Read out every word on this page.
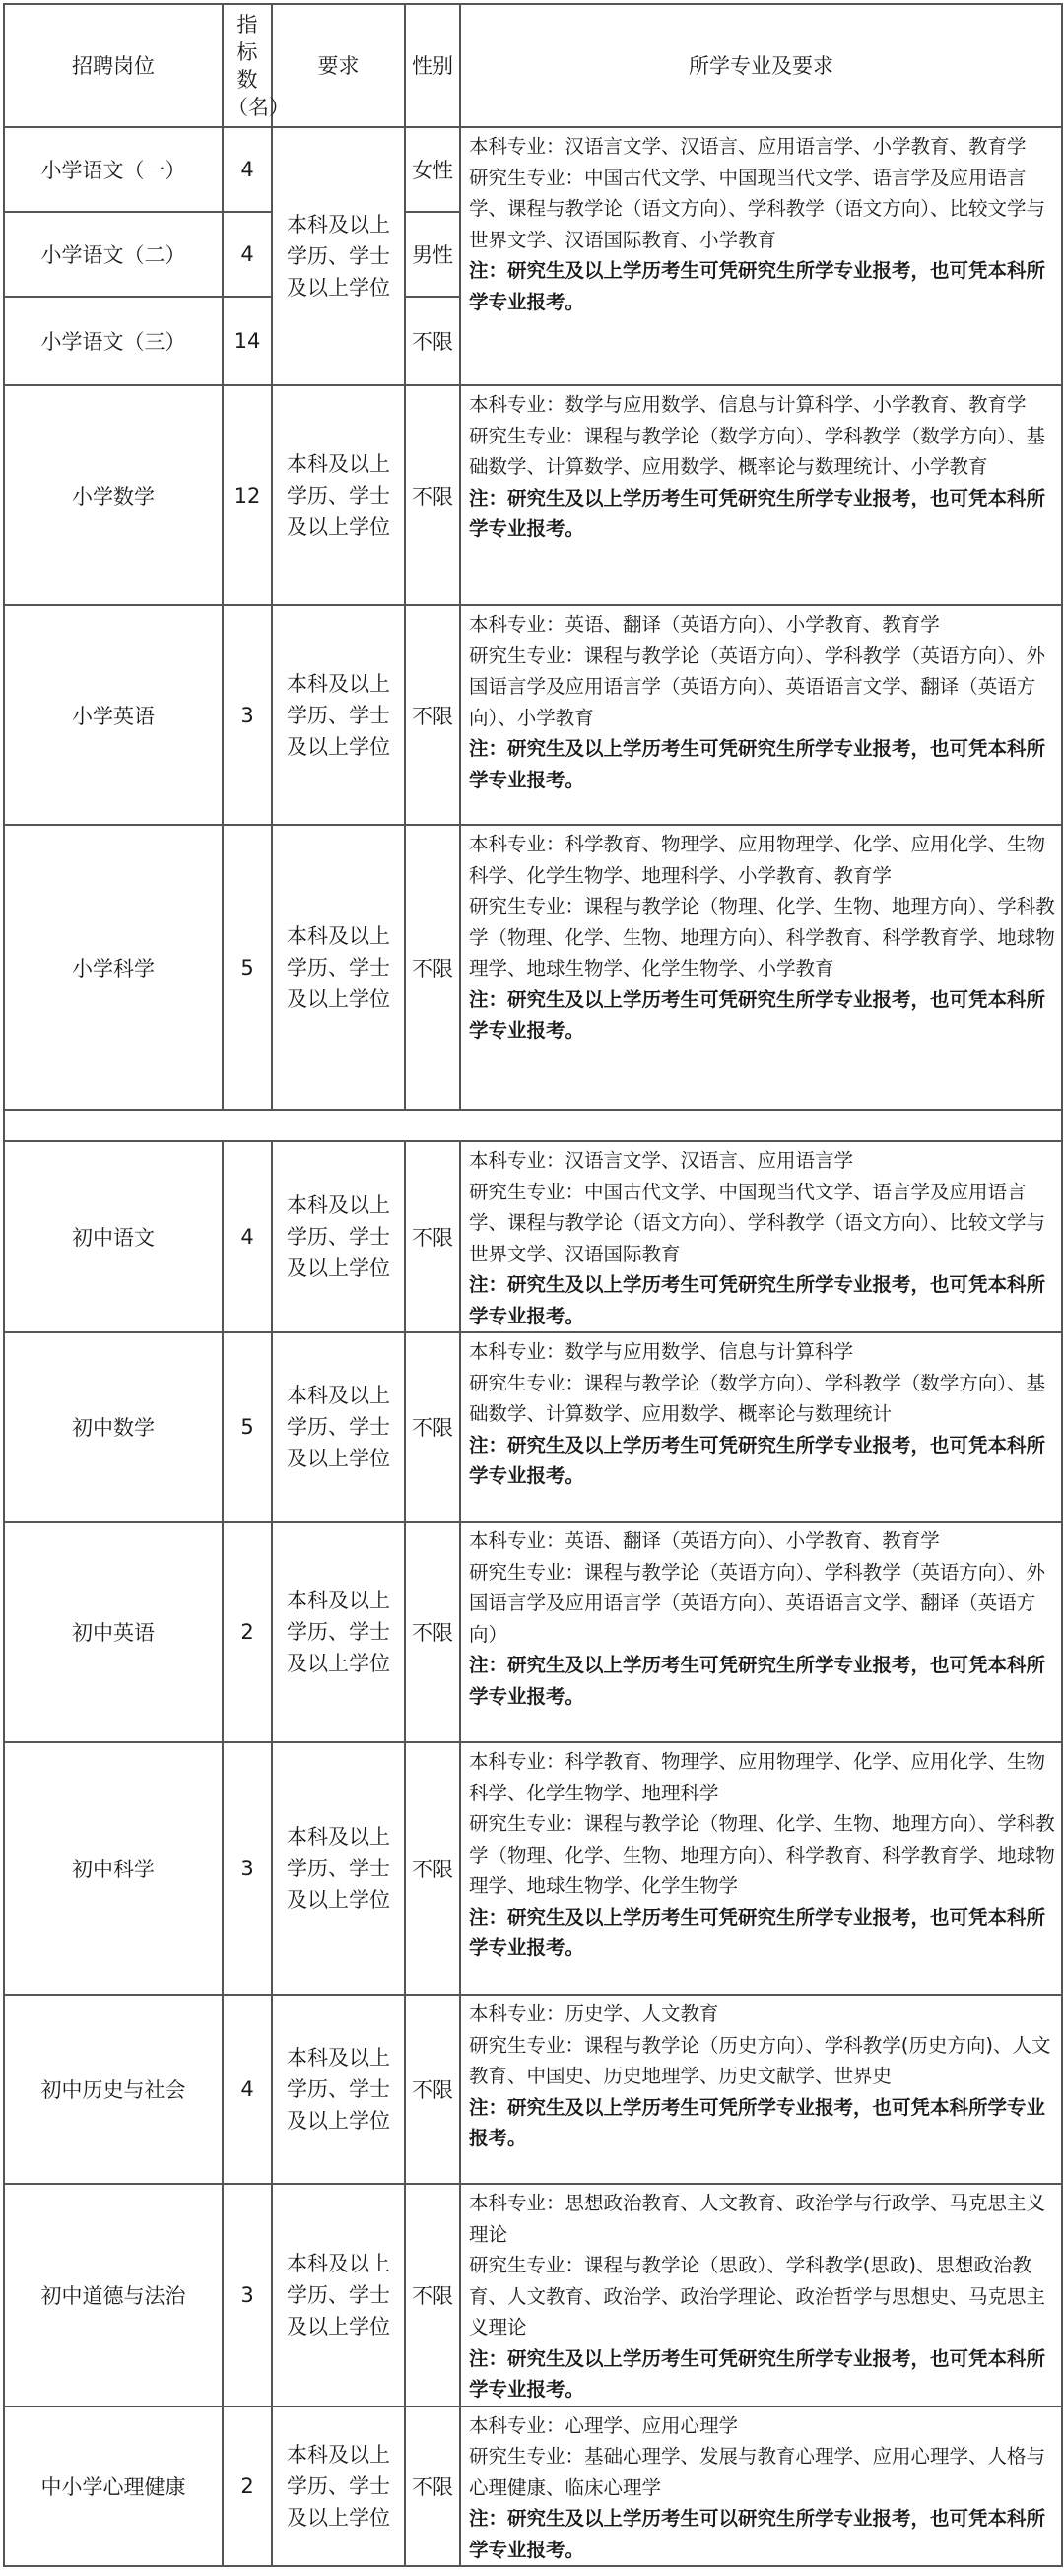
招聘岗位	指标数（名）	要求	性别	所学专业及要求
小学语文（一）	4	本科及以上学历、学士及以上学位	女性	本科专业：汉语言文学、汉语言、应用语言学、小学教育、教育学
研究生专业：中国古代文学、中国现当代文学、语言学及应用语言学、课程与教学论（语文方向）、学科教学（语文方向）、比较文学与世界文学、汉语国际教育、小学教育
注：研究生及以上学历考生可凭研究生所学专业报考，也可凭本科所学专业报考。

小学语文（二）	4		男性	
小学语文（三）	14		不限	
小学数学	12	本科及以上学历、学士及以上学位	不限	本科专业：数学与应用数学、信息与计算科学、小学教育、教育学
研究生专业：课程与教学论（数学方向）、学科教学（数学方向）、基础数学、计算数学、应用数学、概率论与数理统计、小学教育
注：研究生及以上学历考生可凭研究生所学专业报考，也可凭本科所学专业报考。

小学英语	3	本科及以上学历、学士及以上学位	不限	本科专业：英语、翻译（英语方向）、小学教育、教育学
研究生专业：课程与教学论（英语方向）、学科教学（英语方向）、外国语言学及应用语言学（英语方向）、英语语言文学、翻译（英语方向）、小学教育
注：研究生及以上学历考生可凭研究生所学专业报考，也可凭本科所学专业报考。

小学科学	5	本科及以上学历、学士及以上学位	不限	本科专业：科学教育、物理学、应用物理学、化学、应用化学、生物科学、化学生物学、地理科学、小学教育、教育学
研究生专业：课程与教学论（物理、化学、生物、地理方向）、学科教学（物理、化学、生物、地理方向）、科学教育、科学教育学、地球物理学、地球生物学、化学生物学、小学教育
注：研究生及以上学历考生可凭研究生所学专业报考，也可凭本科所学专业报考。

初中语文	4	本科及以上学历、学士及以上学位	不限	本科专业：汉语言文学、汉语言、应用语言学
研究生专业：中国古代文学、中国现当代文学、语言学及应用语言学、课程与教学论（语文方向）、学科教学（语文方向）、比较文学与世界文学、汉语国际教育
注：研究生及以上学历考生可凭研究生所学专业报考，也可凭本科所学专业报考。

初中数学	5	本科及以上学历、学士及以上学位	不限	本科专业：数学与应用数学、信息与计算科学
研究生专业：课程与教学论（数学方向）、学科教学（数学方向）、基础数学、计算数学、应用数学、概率论与数理统计
注：研究生及以上学历考生可凭研究生所学专业报考，也可凭本科所学专业报考。

初中英语	2	本科及以上学历、学士及以上学位	不限	本科专业：英语、翻译（英语方向）、小学教育、教育学
研究生专业：课程与教学论（英语方向）、学科教学（英语方向）、外国语言学及应用语言学（英语方向）、英语语言文学、翻译（英语方向）
注：研究生及以上学历考生可凭研究生所学专业报考，也可凭本科所学专业报考。

初中科学	3	本科及以上学历、学士及以上学位	不限	本科专业：科学教育、物理学、应用物理学、化学、应用化学、生物科学、化学生物学、地理科学
研究生专业：课程与教学论（物理、化学、生物、地理方向）、学科教学（物理、化学、生物、地理方向）、科学教育、科学教育学、地球物理学、地球生物学、化学生物学
注：研究生及以上学历考生可凭研究生所学专业报考，也可凭本科所学专业报考。

初中历史与社会	4	本科及以上学历、学士及以上学位	不限	本科专业：历史学、人文教育
研究生专业：课程与教学论（历史方向）、学科教学(历史方向)、人文教育、中国史、历史地理学、历史文献学、世界史
注：研究生及以上学历考生可凭所学专业报考，也可凭本科所学专业报考。

初中道德与法治	3	本科及以上学历、学士及以上学位	不限	本科专业：思想政治教育、人文教育、政治学与行政学、马克思主义理论
研究生专业：课程与教学论（思政）、学科教学(思政)、思想政治教育、人文教育、政治学、政治学理论、政治哲学与思想史、马克思主义理论
注：研究生及以上学历考生可凭研究生所学专业报考，也可凭本科所学专业报考。

中小学心理健康	2	本科及以上学历、学士及以上学位	不限	本科专业：心理学、应用心理学
研究生专业：基础心理学、发展与教育心理学、应用心理学、人格与心理健康、临床心理学
注：研究生及以上学历考生可以研究生所学专业报考，也可凭本科所学专业报考。
